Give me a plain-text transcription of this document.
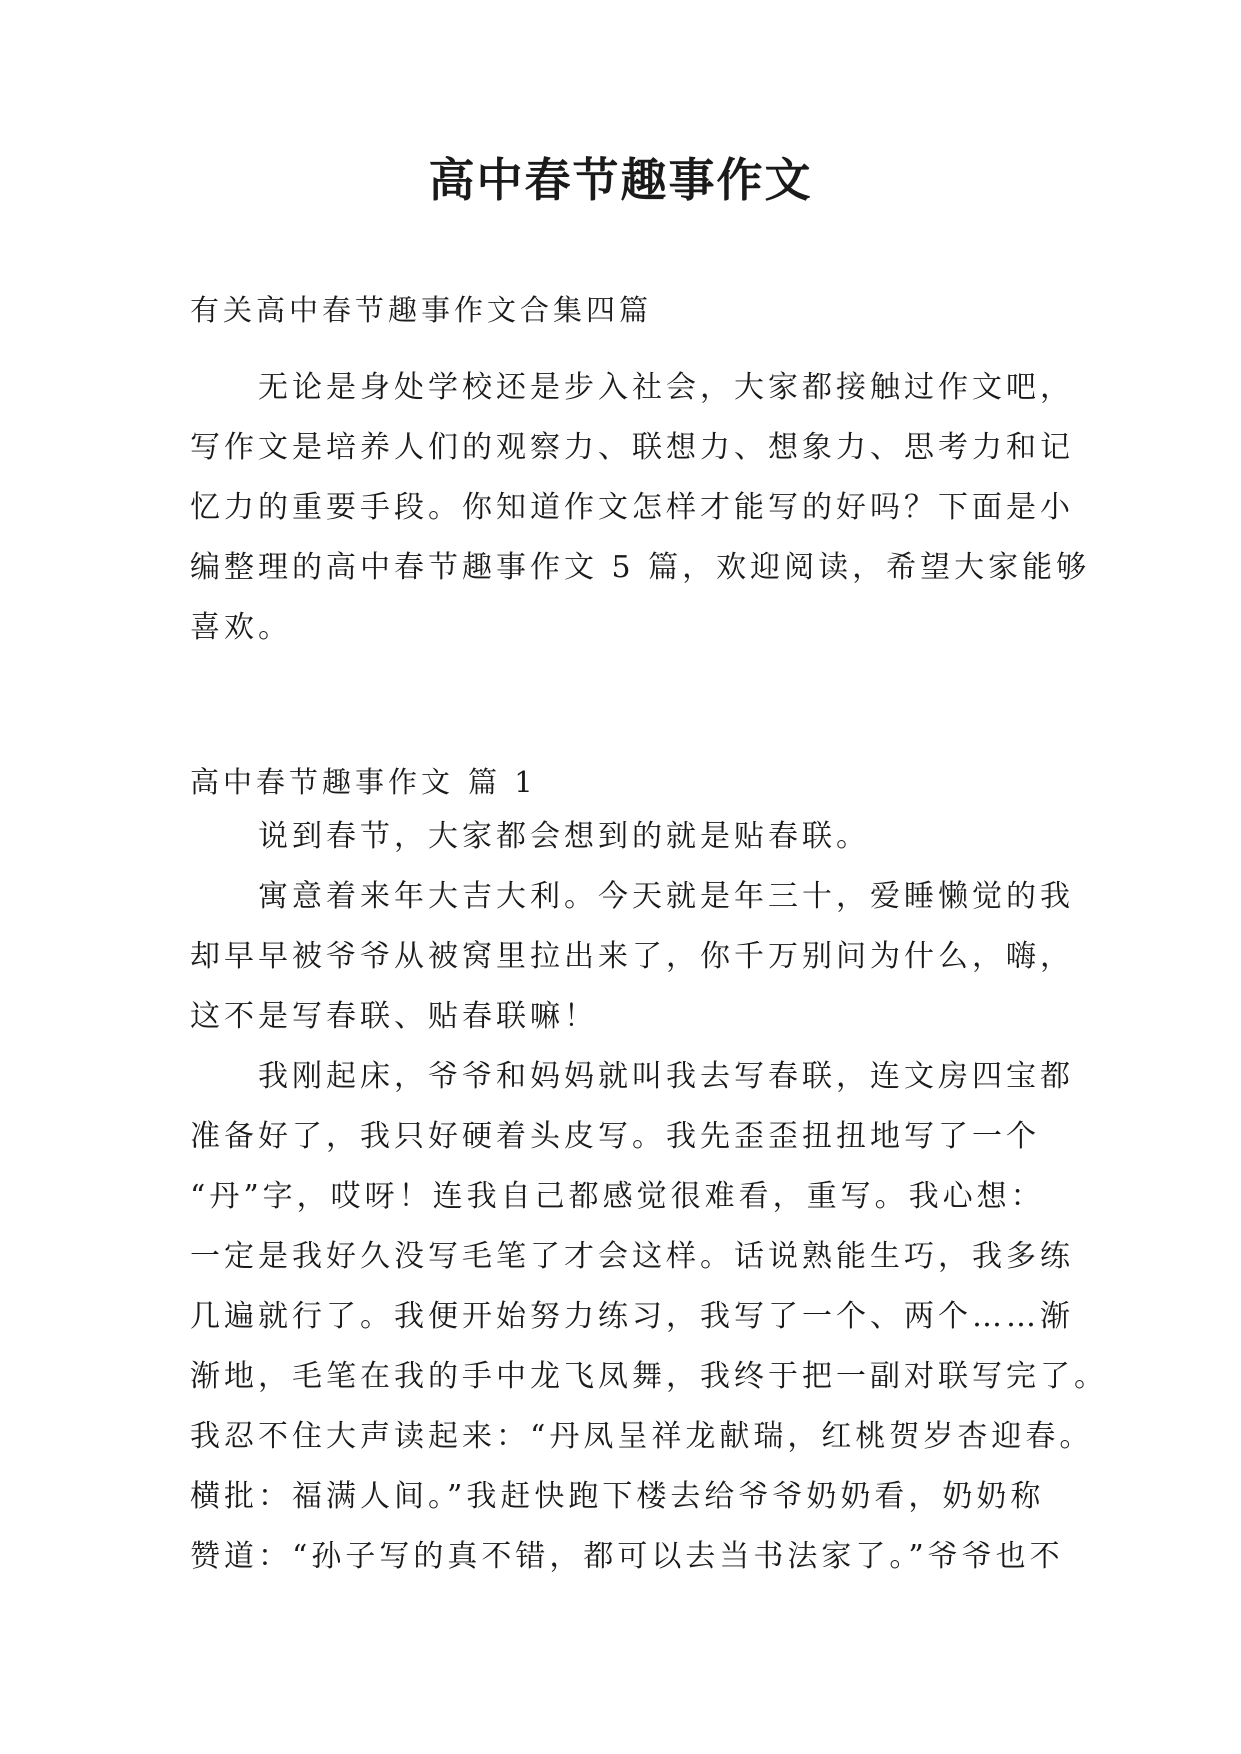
高中春节趣事作文
有关高中春节趣事作文合集四篇
无论是身处学校还是步入社会，大家都接触过作文吧，
写作文是培养人们的观察力、联想力、想象力、思考力和记
忆力的重要手段。你知道作文怎样才能写的好吗？下面是小
编整理的高中春节趣事作文 5 篇，欢迎阅读，希望大家能够
喜欢。
高中春节趣事作文 篇 1
说到春节，大家都会想到的就是贴春联。
寓意着来年大吉大利。今天就是年三十，爱睡懒觉的我
却早早被爷爷从被窝里拉出来了，你千万别问为什么，嗨，
这不是写春联、贴春联嘛！
我刚起床，爷爷和妈妈就叫我去写春联，连文房四宝都
准备好了，我只好硬着头皮写。我先歪歪扭扭地写了一个
“丹”字，哎呀！连我自己都感觉很难看，重写。我心想：
一定是我好久没写毛笔了才会这样。话说熟能生巧，我多练
几遍就行了。我便开始努力练习，我写了一个、两个……渐
渐地，毛笔在我的手中龙飞凤舞，我终于把一副对联写完了。
我忍不住大声读起来：“丹凤呈祥龙献瑞，红桃贺岁杏迎春。
横批：福满人间。”我赶快跑下楼去给爷爷奶奶看，奶奶称
赞道：“孙子写的真不错，都可以去当书法家了。”爷爷也不
